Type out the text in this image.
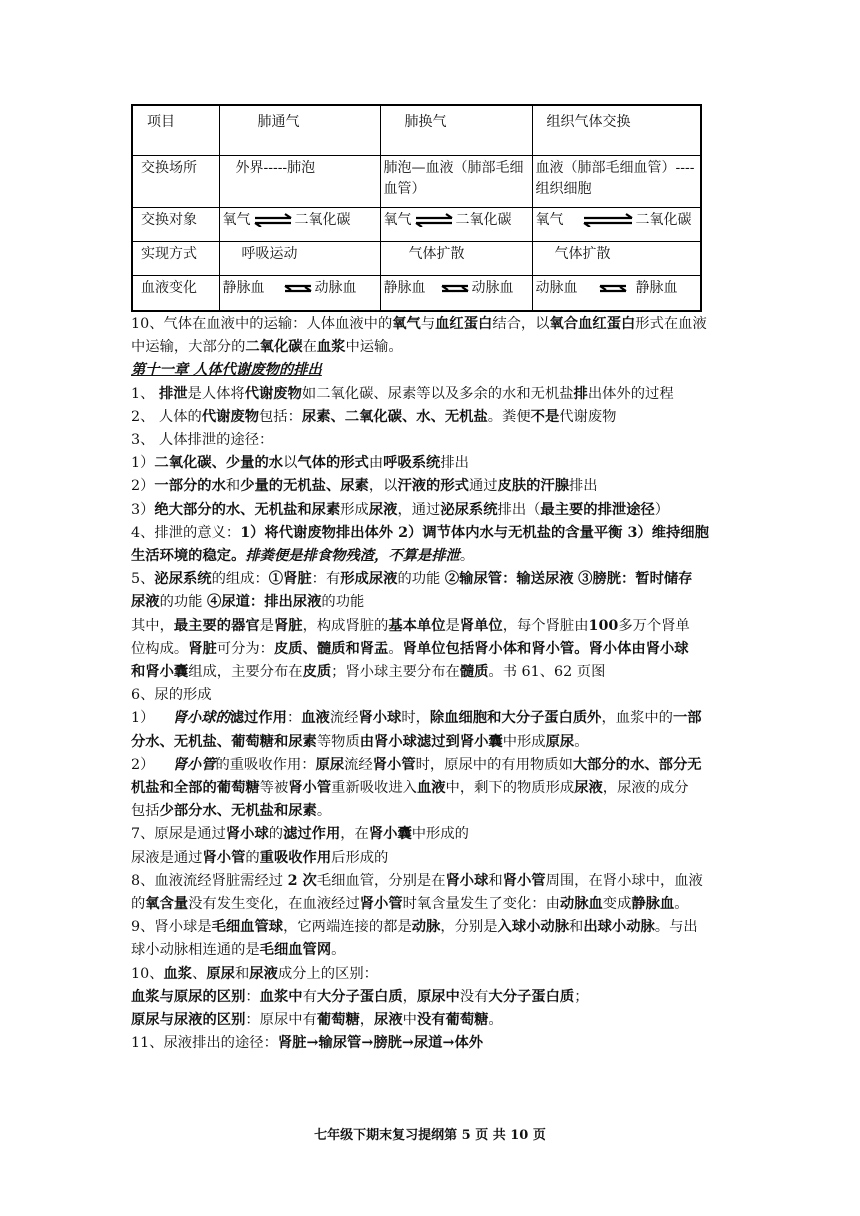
项目	肺通气	肺换气	组织气体交换
交换场所	外界-----肺泡	肺泡—血液（肺部毛细血管）	血液（肺部毛细血管）----组织细胞
交换对象	氧气 二氧化碳	氧气 二氧化碳	氧气 二氧化碳
实现方式	呼吸运动	气体扩散	气体扩散
血液变化	静脉血 动脉血	静脉血 动脉血	动脉血 静脉血
10、气体在血液中的运输：人体血液中的氧气与血红蛋白结合，以氧合血红蛋白形式在血液
中运输，大部分的二氧化碳在血浆中运输。
第十一章 人体代谢废物的排出
1、 排泄是人体将代谢废物如二氧化碳、尿素等以及多余的水和无机盐排出体外的过程
2、 人体的代谢废物包括：尿素、二氧化碳、水、无机盐。粪便不是代谢废物
3、 人体排泄的途径：
1）二氧化碳、少量的水以气体的形式由呼吸系统排出
2）一部分的水和少量的无机盐、尿素，以汗液的形式通过皮肤的汗腺排出
3）绝大部分的水、无机盐和尿素形成尿液，通过泌尿系统排出（最主要的排泄途径）
4、排泄的意义：1）将代谢废物排出体外 2）调节体内水与无机盐的含量平衡 3）维持细胞
生活环境的稳定。排粪便是排食物残渣，不算是排泄。
5、泌尿系统的组成：①肾脏：有形成尿液的功能 ②输尿管：输送尿液 ③膀胱：暂时储存
尿液的功能 ④尿道：排出尿液的功能
其中，最主要的器官是肾脏，构成肾脏的基本单位是肾单位，每个肾脏由100多万个肾单
位构成。肾脏可分为：皮质、髓质和肾盂。肾单位包括肾小体和肾小管。肾小体由肾小球
和肾小囊组成，主要分布在皮质；肾小球主要分布在髓质。书 61、62 页图
6、尿的形成
1）    肾小球的滤过作用：血液流经肾小球时，除血细胞和大分子蛋白质外，血浆中的一部
分水、无机盐、葡萄糖和尿素等物质由肾小球滤过到肾小囊中形成原尿。
2）    肾小管的重吸收作用：原尿流经肾小管时，原尿中的有用物质如大部分的水、部分无
机盐和全部的葡萄糖等被肾小管重新吸收进入血液中，剩下的物质形成尿液，尿液的成分
包括少部分水、无机盐和尿素。
7、原尿是通过肾小球的滤过作用，在肾小囊中形成的
尿液是通过肾小管的重吸收作用后形成的
8、血液流经肾脏需经过 2 次毛细血管，分别是在肾小球和肾小管周围，在肾小球中，血液
的氧含量没有发生变化，在血液经过肾小管时氧含量发生了变化：由动脉血变成静脉血。
9、肾小球是毛细血管球，它两端连接的都是动脉，分别是入球小动脉和出球小动脉。与出
球小动脉相连通的是毛细血管网。
10、血浆、原尿和尿液成分上的区别：
血浆与原尿的区别：血浆中有大分子蛋白质，原尿中没有大分子蛋白质；
原尿与尿液的区别：原尿中有葡萄糖，尿液中没有葡萄糖。
11、尿液排出的途径：肾脏→输尿管→膀胱→尿道→体外
七年级下期末复习提纲第 5 页 共 10 页
